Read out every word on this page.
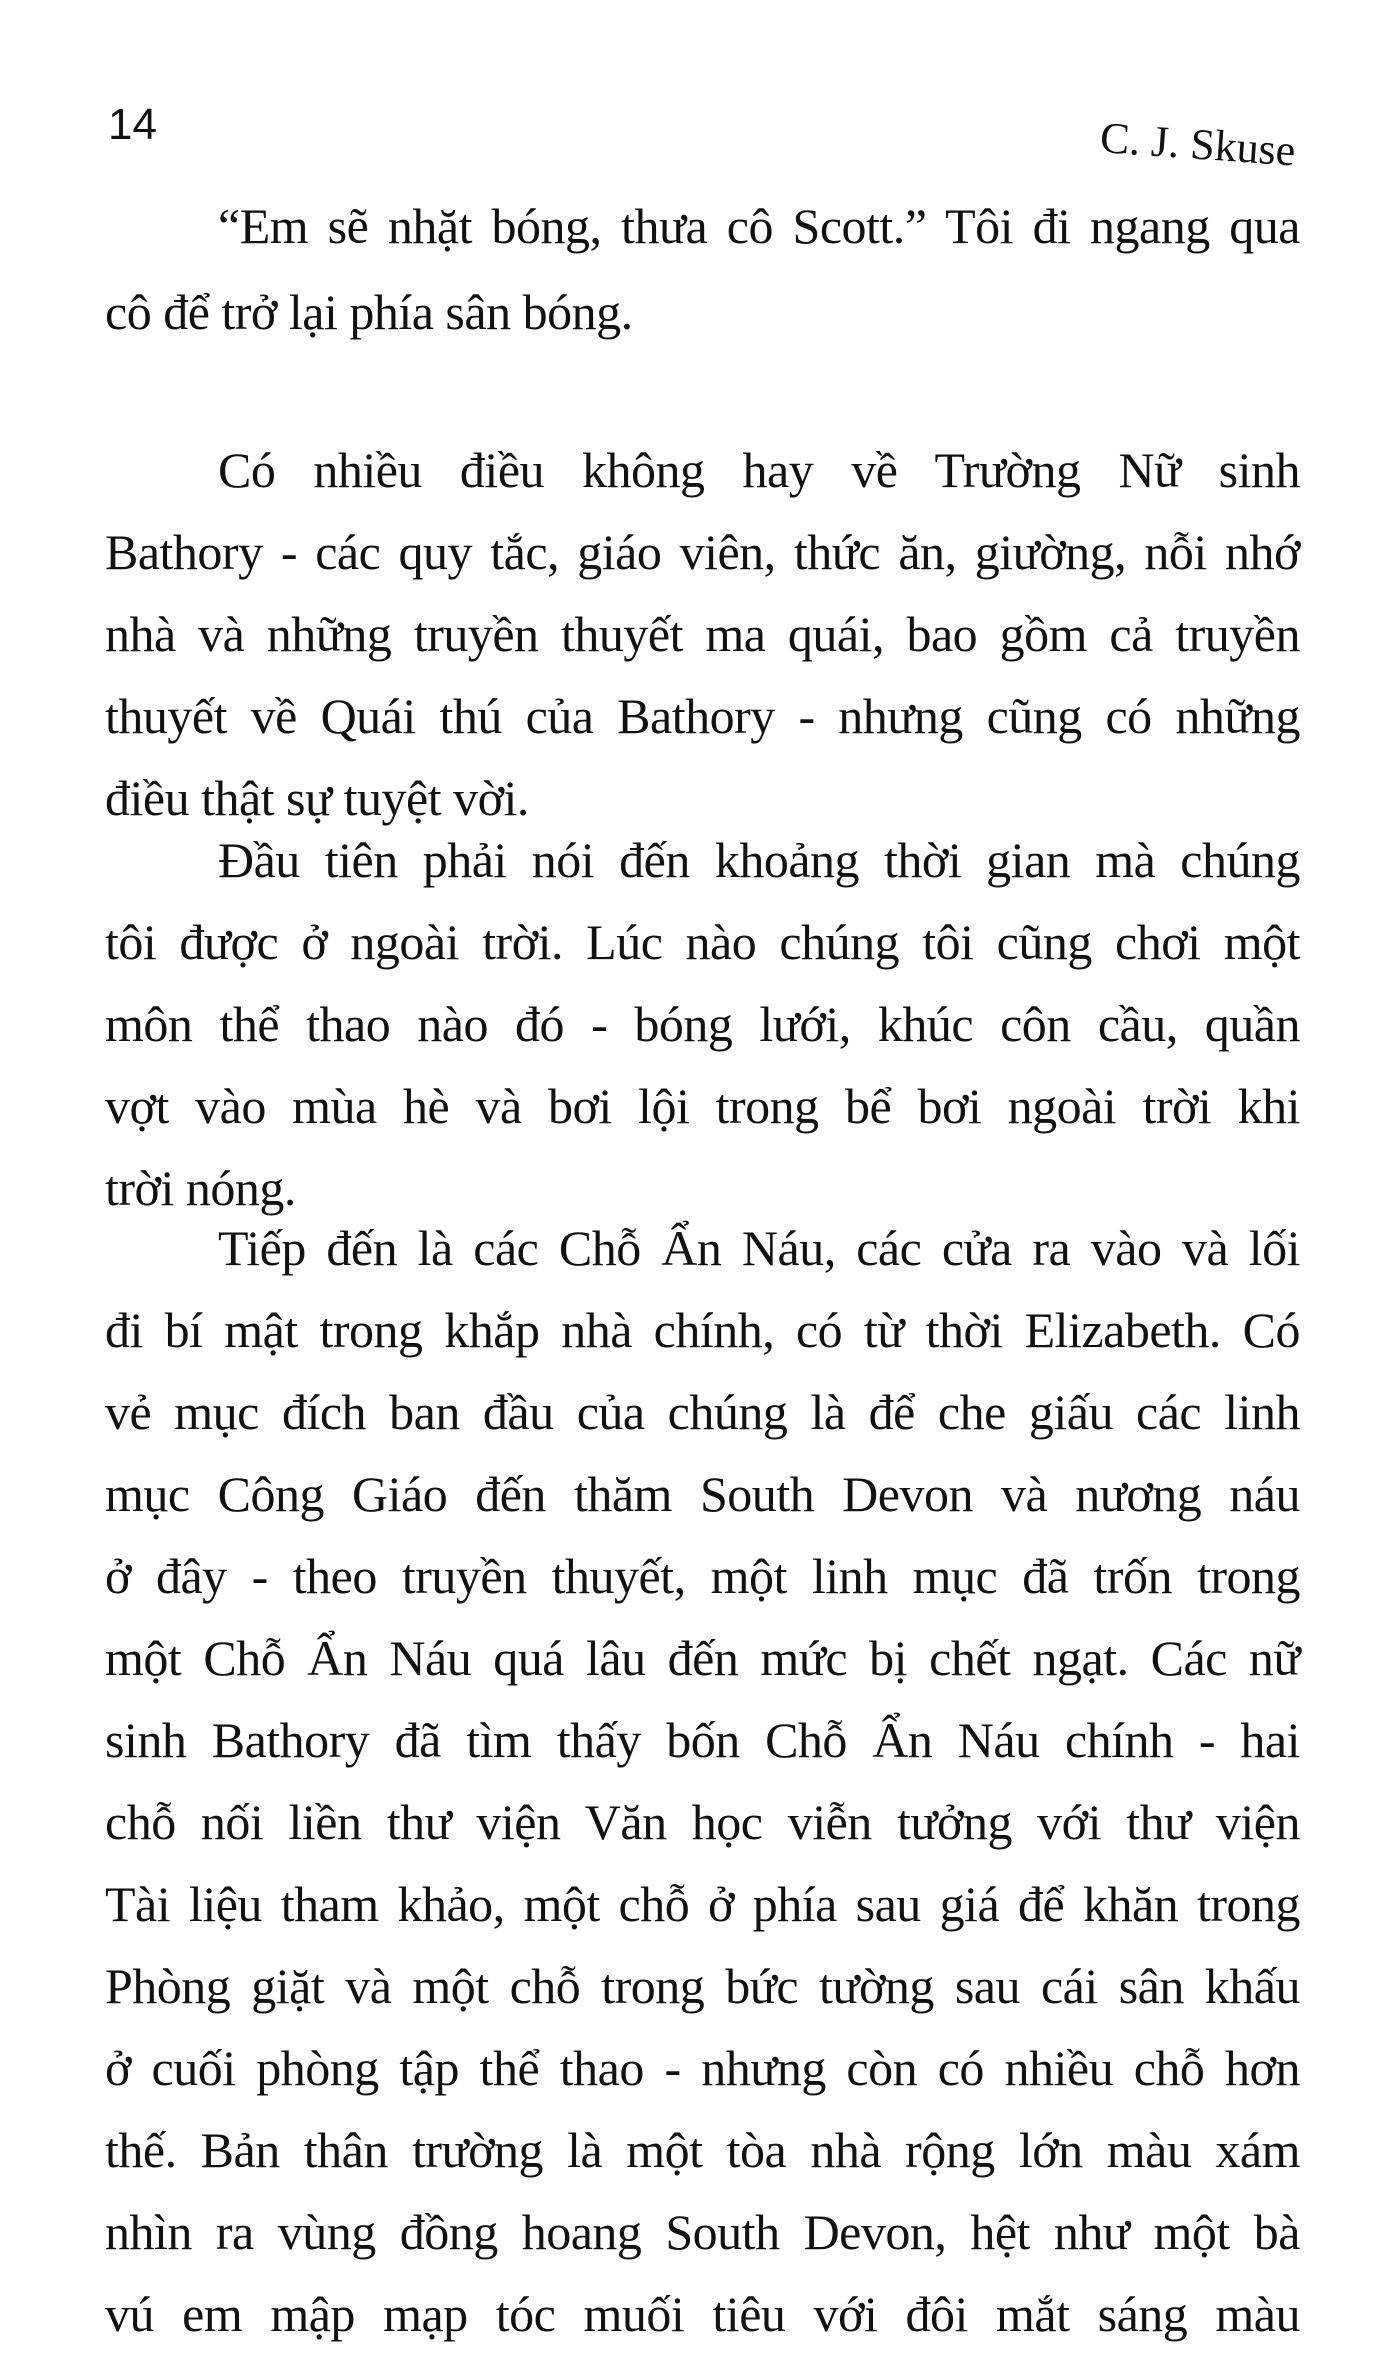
14	C. J. Skuse
“Em sẽ nhặt bóng, thưa cô Scott.” Tôi đi ngang qua
cô để trở lại phía sân bóng.
Có nhiều điều không hay về Trường Nữ sinh
Bathory - các quy tắc, giáo viên, thức ăn, giường, nỗi nhớ
nhà và những truyền thuyết ma quái, bao gồm cả truyền
thuyết về Quái thú của Bathory - nhưng cũng có những
điều thật sự tuyệt vời.
Đầu tiên phải nói đến khoảng thời gian mà chúng
tôi được ở ngoài trời. Lúc nào chúng tôi cũng chơi một
môn thể thao nào đó - bóng lưới, khúc côn cầu, quần
vợt vào mùa hè và bơi lội trong bể bơi ngoài trời khi
trời nóng.
Tiếp đến là các Chỗ Ẩn Náu, các cửa ra vào và lối
đi bí mật trong khắp nhà chính, có từ thời Elizabeth. Có
vẻ mục đích ban đầu của chúng là để che giấu các linh
mục Công Giáo đến thăm South Devon và nương náu
ở đây - theo truyền thuyết, một linh mục đã trốn trong
một Chỗ Ẩn Náu quá lâu đến mức bị chết ngạt. Các nữ
sinh Bathory đã tìm thấy bốn Chỗ Ẩn Náu chính - hai
chỗ nối liền thư viện Văn học viễn tưởng với thư viện
Tài liệu tham khảo, một chỗ ở phía sau giá để khăn trong
Phòng giặt và một chỗ trong bức tường sau cái sân khấu
ở cuối phòng tập thể thao - nhưng còn có nhiều chỗ hơn
thế. Bản thân trường là một tòa nhà rộng lớn màu xám
nhìn ra vùng đồng hoang South Devon, hệt như một bà
vú em mập mạp tóc muối tiêu với đôi mắt sáng màu
